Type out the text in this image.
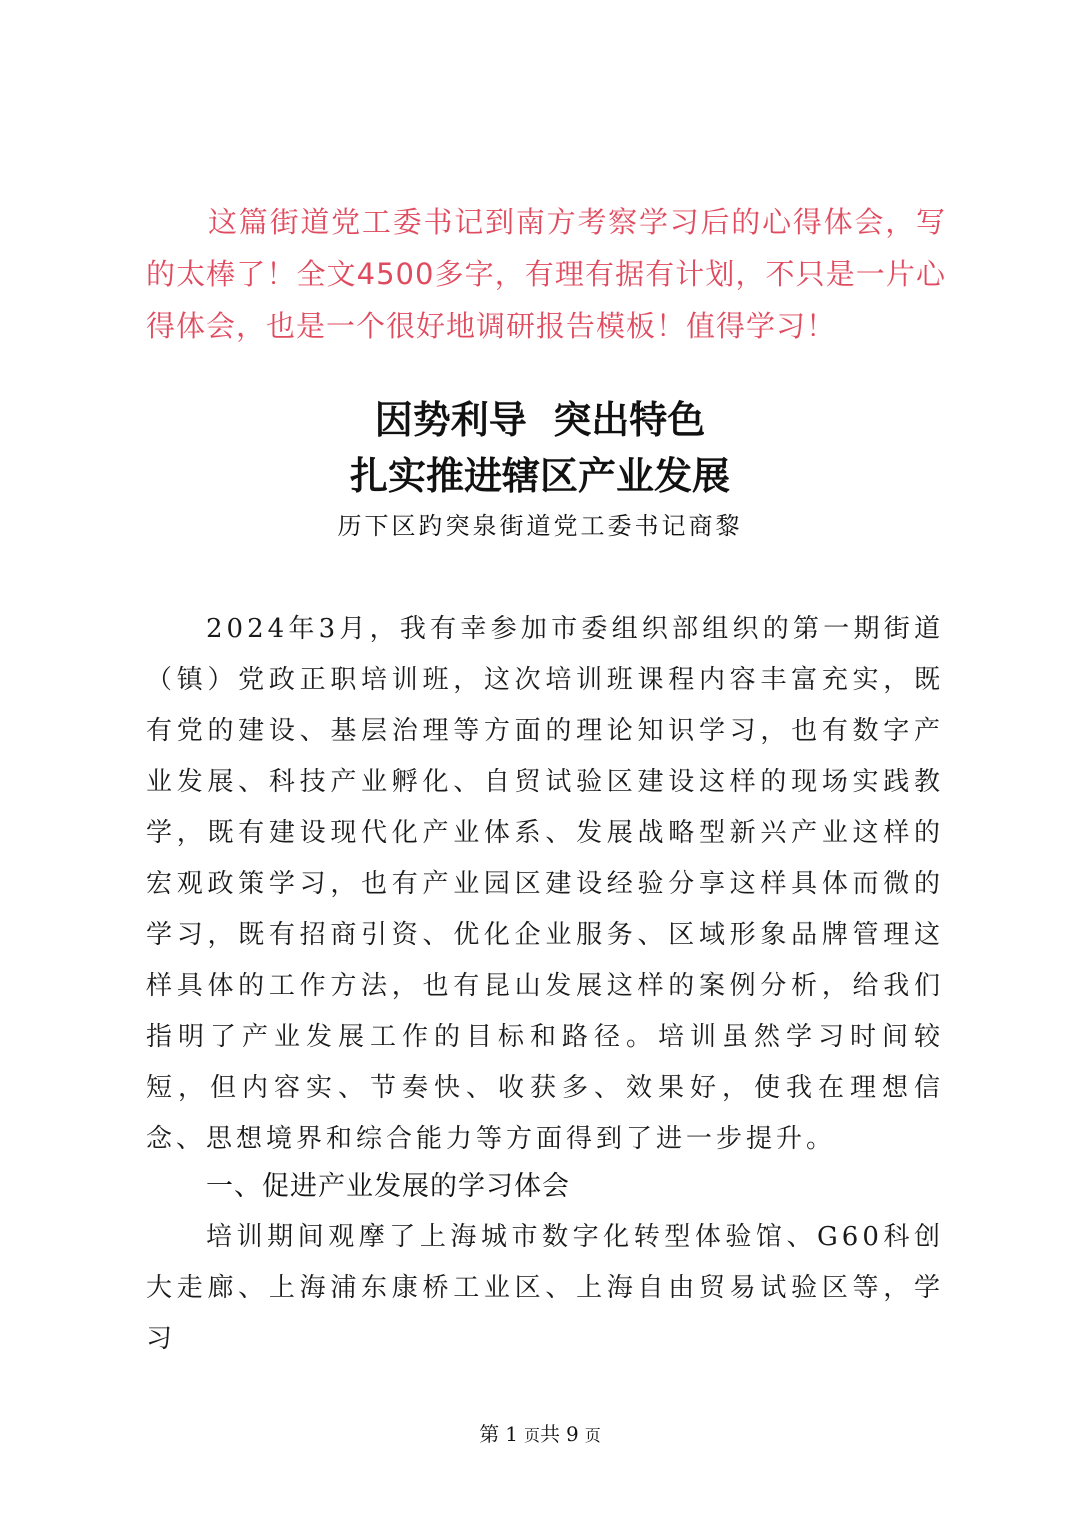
这篇街道党工委书记到南方考察学习后的心得体会，写的太棒了！全文4500多字，有理有据有计划，不只是一片心得体会，也是一个很好地调研报告模板！值得学习！

因势利导  突出特色
扎实推进辖区产业发展

历下区趵突泉街道党工委书记商黎

2024年3月，我有幸参加市委组织部组织的第一期街道（镇）党政正职培训班，这次培训班课程内容丰富充实，既有党的建设、基层治理等方面的理论知识学习，也有数字产业发展、科技产业孵化、自贸试验区建设这样的现场实践教学，既有建设现代化产业体系、发展战略型新兴产业这样的宏观政策学习，也有产业园区建设经验分享这样具体而微的学习，既有招商引资、优化企业服务、区域形象品牌管理这样具体的工作方法，也有昆山发展这样的案例分析，给我们指明了产业发展工作的目标和路径。培训虽然学习时间较短，但内容实、节奏快、收获多、效果好，使我在理想信念、思想境界和综合能力等方面得到了进一步提升。

一、促进产业发展的学习体会

培训期间观摩了上海城市数字化转型体验馆、G60科创大走廊、上海浦东康桥工业区、上海自由贸易试验区等，学习

第 1 页共 9 页
